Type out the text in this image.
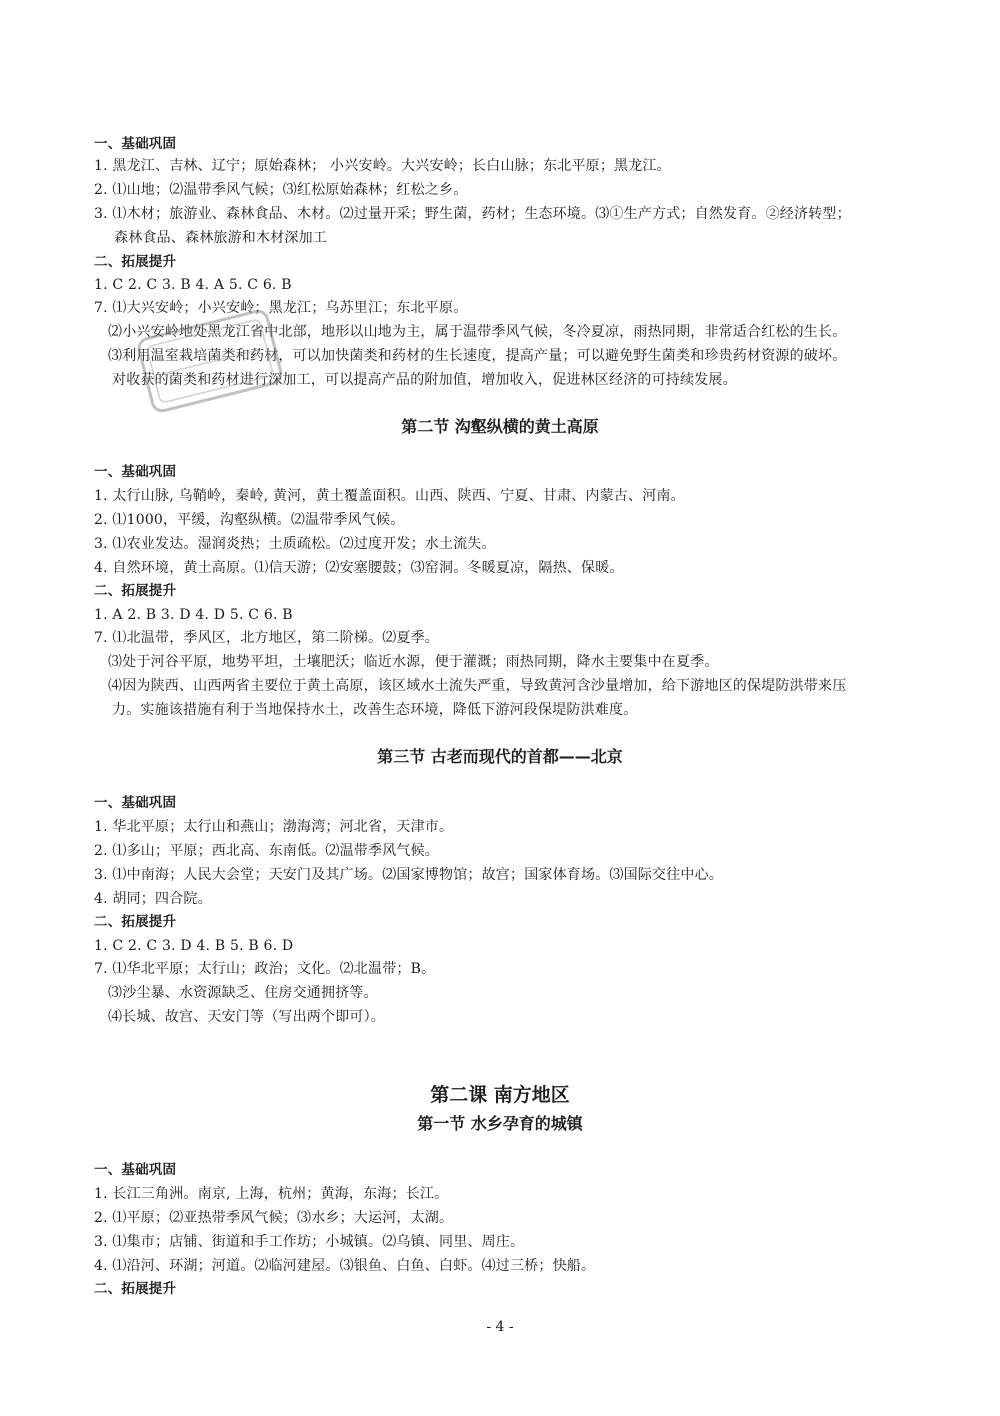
一、基础巩固
1. 黑龙江、吉林、辽宁；原始森林； 小兴安岭。大兴安岭；长白山脉；东北平原；黑龙江。
2. ⑴山地；⑵温带季风气候；⑶红松原始森林；红松之乡。
3. ⑴木材；旅游业、森林食品、木材。⑵过量开采；野生菌，药材；生态环境。⑶①生产方式；自然发育。②经济转型；
森林食品、森林旅游和木材深加工
二、拓展提升
1. C 2. C 3. B 4. A 5. C 6. B
7. ⑴大兴安岭；小兴安岭；黑龙江；乌苏里江；东北平原。
⑵小兴安岭地处黑龙江省中北部，地形以山地为主，属于温带季风气候，冬冷夏凉，雨热同期，非常适合红松的生长。
⑶利用温室栽培菌类和药材，可以加快菌类和药材的生长速度，提高产量；可以避免野生菌类和珍贵药材资源的破坏。
对收获的菌类和药材进行深加工，可以提高产品的附加值，增加收入，促进林区经济的可持续发展。
第二节 沟壑纵横的黄土高原
一、基础巩固
1. 太行山脉, 乌鞘岭，秦岭, 黄河，黄土覆盖面积。山西、陕西、宁夏、甘肃、内蒙古、河南。
2. ⑴1000，平缓，沟壑纵横。⑵温带季风气候。
3. ⑴农业发达。湿润炎热；土质疏松。⑵过度开发；水土流失。
4. 自然环境，黄土高原。⑴信天游；⑵安塞腰鼓；⑶窑洞。冬暖夏凉，隔热、保暖。
二、拓展提升
1. A 2. B 3. D 4. D 5. C 6. B
7. ⑴北温带，季风区，北方地区，第二阶梯。⑵夏季。
⑶处于河谷平原，地势平坦，土壤肥沃；临近水源，便于灌溉；雨热同期，降水主要集中在夏季。
⑷因为陕西、山西两省主要位于黄土高原，该区域水土流失严重，导致黄河含沙量增加，给下游地区的保堤防洪带来压
力。实施该措施有利于当地保持水土，改善生态环境，降低下游河段保堤防洪难度。
第三节 古老而现代的首都——北京
一、基础巩固
1. 华北平原；太行山和燕山；渤海湾；河北省，天津市。
2. ⑴多山；平原；西北高、东南低。⑵温带季风气候。
3. ⑴中南海；人民大会堂；天安门及其广场。⑵国家博物馆；故宫；国家体育场。⑶国际交往中心。
4. 胡同；四合院。
二、拓展提升
1. C 2. C 3. D 4. B 5. B 6. D
7. ⑴华北平原；太行山；政治；文化。⑵北温带；B。
⑶沙尘暴、水资源缺乏、住房交通拥挤等。
⑷长城、故宫、天安门等（写出两个即可）。
第二课 南方地区
第一节 水乡孕育的城镇
一、基础巩固
1. 长江三角洲。南京, 上海，杭州；黄海，东海；长江。
2. ⑴平原；⑵亚热带季风气候；⑶水乡；大运河，太湖。
3. ⑴集市；店铺、街道和手工作坊；小城镇。⑵乌镇、同里、周庄。
4. ⑴沿河、环湖；河道。⑵临河建屋。⑶银鱼、白鱼、白虾。⑷过三桥；快船。
二、拓展提升
- 4 -
